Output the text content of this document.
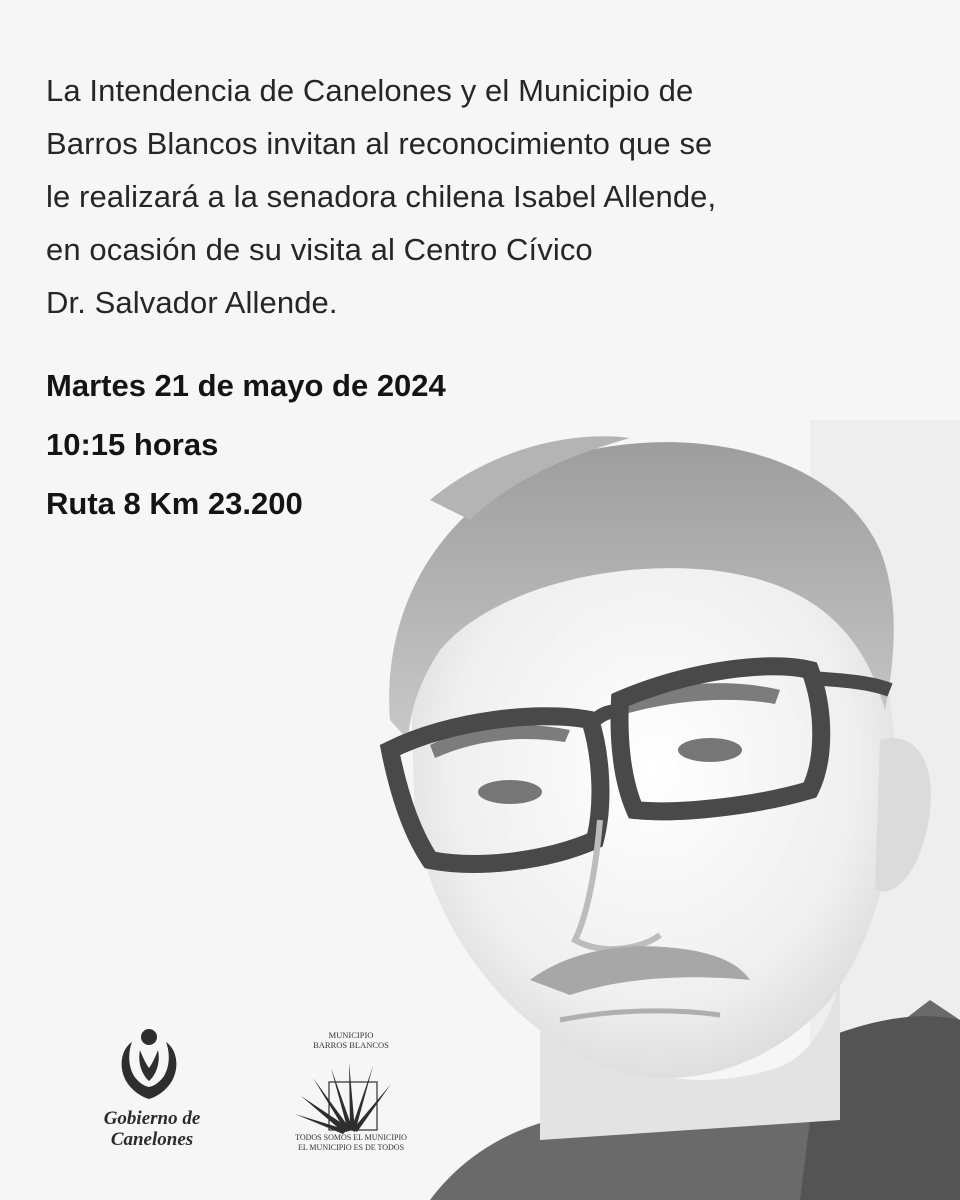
La Intendencia de Canelones y el Municipio de
Barros Blancos invitan al reconocimiento que se
le realizará a la senadora chilena Isabel Allende,
en ocasión de su visita al Centro Cívico
Dr. Salvador Allende.
Martes 21 de mayo de 2024
10:15 horas
Ruta 8 Km 23.200
Gobierno de
Canelones
MUNICIPIO
BARROS BLANCOS
TODOS SOMOS EL MUNICIPIO
EL MUNICIPIO ES DE TODOS
